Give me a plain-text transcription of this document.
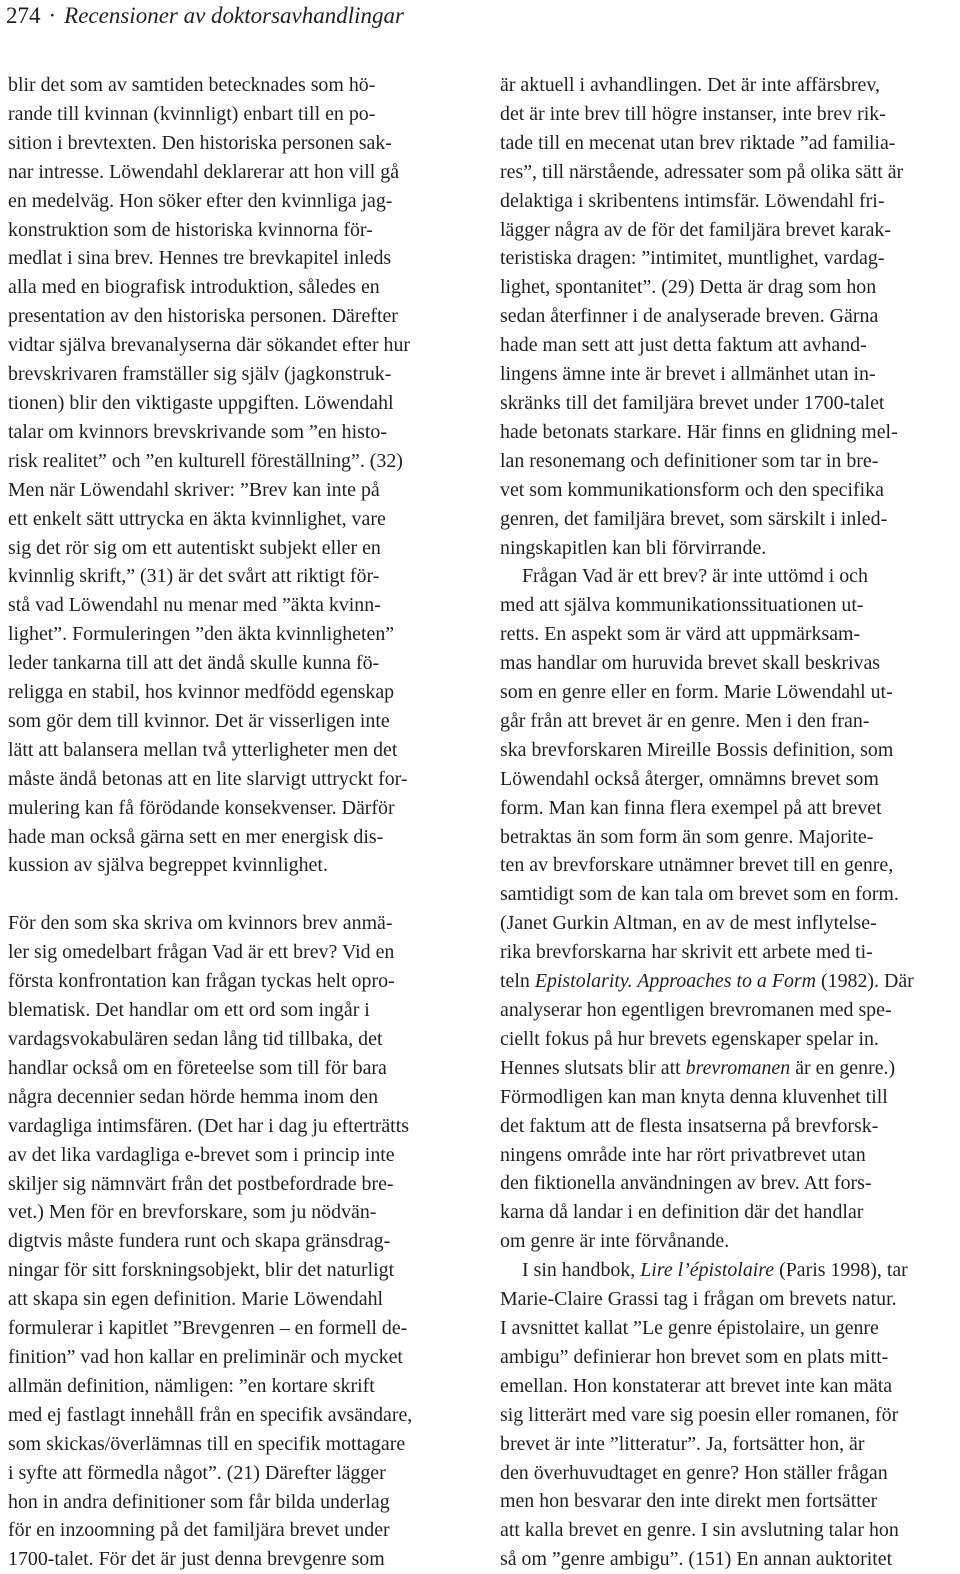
274 · Recensioner av doktorsavhandlingar
blir det som av samtiden betecknades som hö-
rande till kvinnan (kvinnligt) enbart till en po-
sition i brevtexten. Den historiska personen sak-
nar intresse. Löwendahl deklarerar att hon vill gå
en medelväg. Hon söker efter den kvinnliga jag-
konstruktion som de historiska kvinnorna för-
medlat i sina brev. Hennes tre brevkapitel inleds
alla med en biografisk introduktion, således en
presentation av den historiska personen. Därefter
vidtar själva brevanalyserna där sökandet efter hur
brevskrivaren framställer sig själv (jagkonstruk-
tionen) blir den viktigaste uppgiften. Löwendahl
talar om kvinnors brevskrivande som ”en histo-
risk realitet” och ”en kulturell föreställning”. (32)
Men när Löwendahl skriver: ”Brev kan inte på
ett enkelt sätt uttrycka en äkta kvinnlighet, vare
sig det rör sig om ett autentiskt subjekt eller en
kvinnlig skrift,” (31) är det svårt att riktigt för-
stå vad Löwendahl nu menar med ”äkta kvinn-
lighet”. Formuleringen ”den äkta kvinnligheten”
leder tankarna till att det ändå skulle kunna fö-
religga en stabil, hos kvinnor medfödd egenskap
som gör dem till kvinnor. Det är visserligen inte
lätt att balansera mellan två ytterligheter men det
måste ändå betonas att en lite slarvigt uttryckt for-
mulering kan få förödande konsekvenser. Därför
hade man också gärna sett en mer energisk dis-
kussion av själva begreppet kvinnlighet.
För den som ska skriva om kvinnors brev anmä-
ler sig omedelbart frågan Vad är ett brev? Vid en
första konfrontation kan frågan tyckas helt opro-
blematisk. Det handlar om ett ord som ingår i
vardagsvokabulären sedan lång tid tillbaka, det
handlar också om en företeelse som till för bara
några decennier sedan hörde hemma inom den
vardagliga intimsfären. (Det har i dag ju efterträtts
av det lika vardagliga e-brevet som i princip inte
skiljer sig nämnvärt från det postbefordrade bre-
vet.) Men för en brevforskare, som ju nödvän-
digtvis måste fundera runt och skapa gränsdrag-
ningar för sitt forskningsobjekt, blir det naturligt
att skapa sin egen definition. Marie Löwendahl
formulerar i kapitlet ”Brevgenren – en formell de-
finition” vad hon kallar en preliminär och mycket
allmän definition, nämligen: ”en kortare skrift
med ej fastlagt innehåll från en specifik avsändare,
som skickas/överlämnas till en specifik mottagare
i syfte att förmedla något”. (21) Därefter lägger
hon in andra definitioner som får bilda underlag
för en inzoomning på det familjära brevet under
1700-talet. För det är just denna brevgenre som
är aktuell i avhandlingen. Det är inte affärsbrev,
det är inte brev till högre instanser, inte brev rik-
tade till en mecenat utan brev riktade ”ad familia-
res”, till närstående, adressater som på olika sätt är
delaktiga i skribentens intimsfär. Löwendahl fri-
lägger några av de för det familjära brevet karak-
teristiska dragen: ”intimitet, muntlighet, vardag-
lighet, spontanitet”. (29) Detta är drag som hon
sedan återfinner i de analyserade breven. Gärna
hade man sett att just detta faktum att avhand-
lingens ämne inte är brevet i allmänhet utan in-
skränks till det familjära brevet under 1700-talet
hade betonats starkare. Här finns en glidning mel-
lan resonemang och definitioner som tar in bre-
vet som kommunikationsform och den specifika
genren, det familjära brevet, som särskilt i inled-
ningskapitlen kan bli förvirrande.
Frågan Vad är ett brev? är inte uttömd i och
med att själva kommunikationssituationen ut-
retts. En aspekt som är värd att uppmärksam-
mas handlar om huruvida brevet skall beskrivas
som en genre eller en form. Marie Löwendahl ut-
går från att brevet är en genre. Men i den fran-
ska brevforskaren Mireille Bossis definition, som
Löwendahl också återger, omnämns brevet som
form. Man kan finna flera exempel på att brevet
betraktas än som form än som genre. Majorite-
ten av brevforskare utnämner brevet till en genre,
samtidigt som de kan tala om brevet som en form.
(Janet Gurkin Altman, en av de mest inflytelse-
rika brevforskarna har skrivit ett arbete med ti-
teln Epistolarity. Approaches to a Form (1982). Där
analyserar hon egentligen brevromanen med spe-
ciellt fokus på hur brevets egenskaper spelar in.
Hennes slutsats blir att brevromanen är en genre.)
Förmodligen kan man knyta denna kluvenhet till
det faktum att de flesta insatserna på brevforsk-
ningens område inte har rört privatbrevet utan
den fiktionella användningen av brev. Att fors-
karna då landar i en definition där det handlar
om genre är inte förvånande.
I sin handbok, Lire l’épistolaire (Paris 1998), tar
Marie-Claire Grassi tag i frågan om brevets natur.
I avsnittet kallat ”Le genre épistolaire, un genre
ambigu” definierar hon brevet som en plats mitt-
emellan. Hon konstaterar att brevet inte kan mäta
sig litterärt med vare sig poesin eller romanen, för
brevet är inte ”litteratur”. Ja, fortsätter hon, är
den överhuvudtaget en genre? Hon ställer frågan
men hon besvarar den inte direkt men fortsätter
att kalla brevet en genre. I sin avslutning talar hon
så om ”genre ambigu”. (151) En annan auktoritet
